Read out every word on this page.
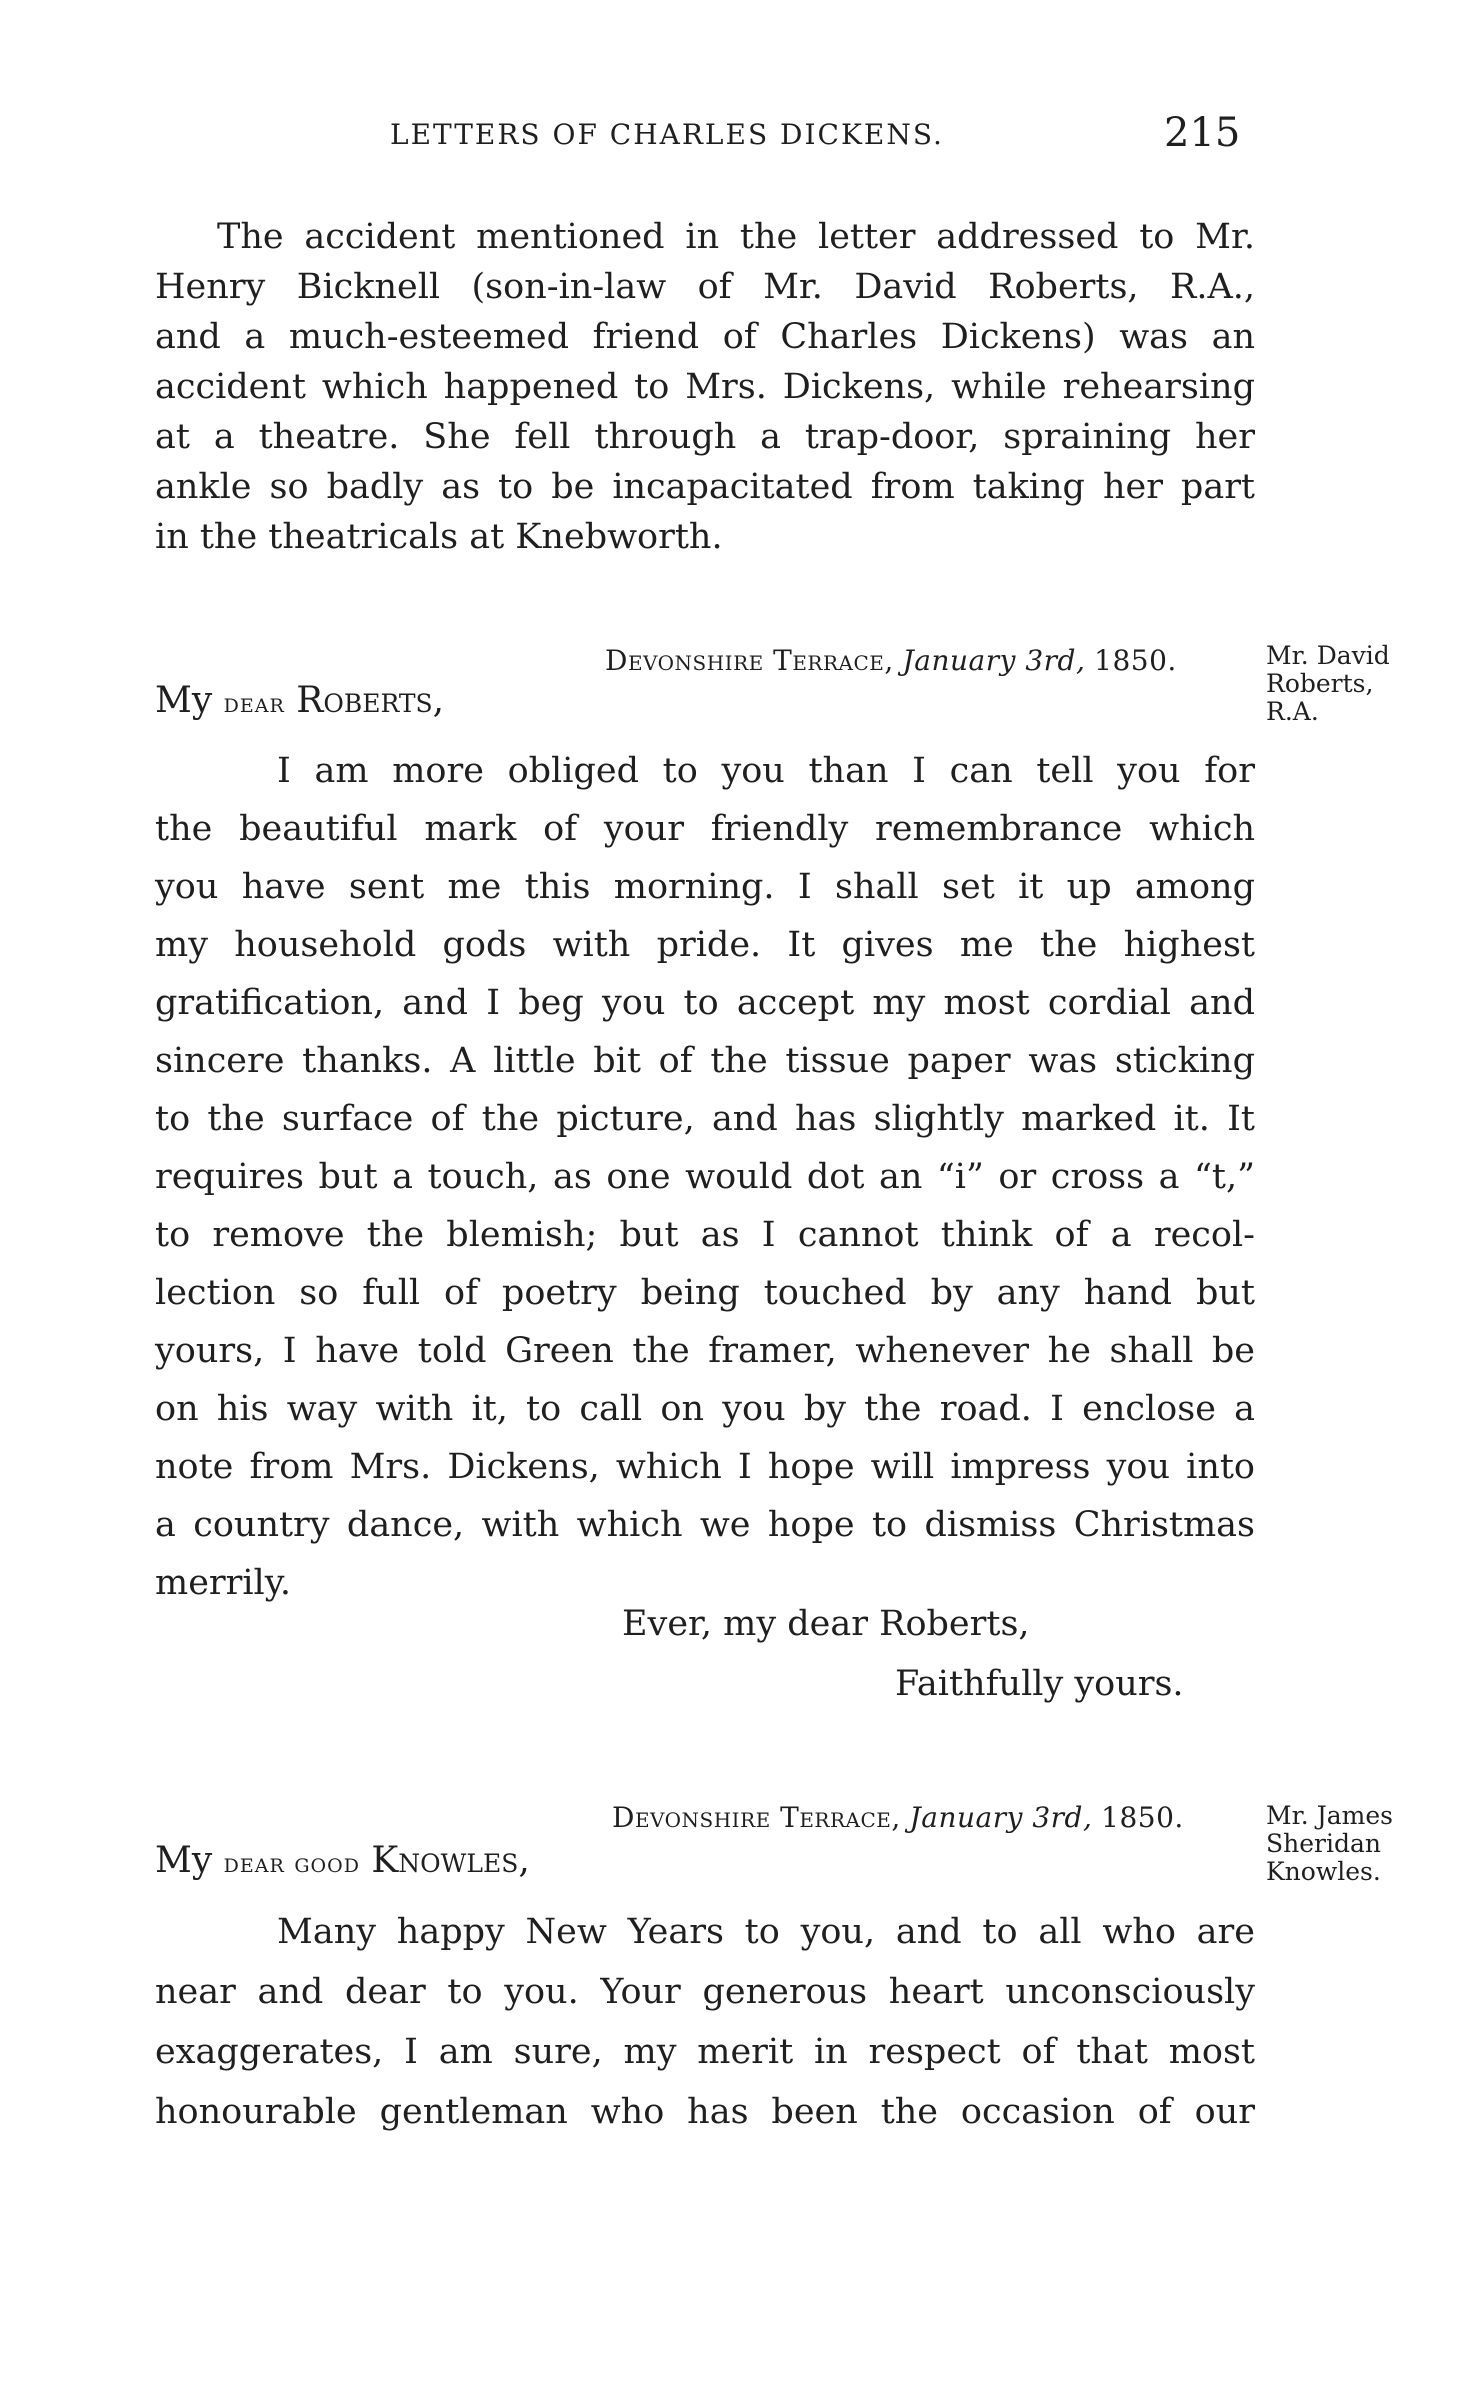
LETTERS OF CHARLES DICKENS.	215
The accident mentioned in the letter addressed to Mr.
Henry Bicknell (son-in-law of Mr. David Roberts, R.A.,
and a much-esteemed friend of Charles Dickens) was an
accident which happened to Mrs. Dickens, while rehearsing
at a theatre. She fell through a trap-door, spraining her
ankle so badly as to be incapacitated from taking her part
in the theatricals at Knebworth.
Devonshire Terrace, January 3rd, 1850.	Mr. David
Roberts,
R.A.
My dear Roberts,
I am more obliged to you than I can tell you for
the beautiful mark of your friendly remembrance which
you have sent me this morning. I shall set it up among
my household gods with pride. It gives me the highest
gratification, and I beg you to accept my most cordial and
sincere thanks. A little bit of the tissue paper was sticking
to the surface of the picture, and has slightly marked it. It
requires but a touch, as one would dot an “i” or cross a “t,”
to remove the blemish; but as I cannot think of a recol-
lection so full of poetry being touched by any hand but
yours, I have told Green the framer, whenever he shall be
on his way with it, to call on you by the road. I enclose a
note from Mrs. Dickens, which I hope will impress you into
a country dance, with which we hope to dismiss Christmas
merrily.
Ever, my dear Roberts,
Faithfully yours.
Devonshire Terrace, January 3rd, 1850.	Mr. James
Sheridan
Knowles.
My dear good Knowles,
Many happy New Years to you, and to all who are
near and dear to you. Your generous heart unconsciously
exaggerates, I am sure, my merit in respect of that most
honourable gentleman who has been the occasion of our
